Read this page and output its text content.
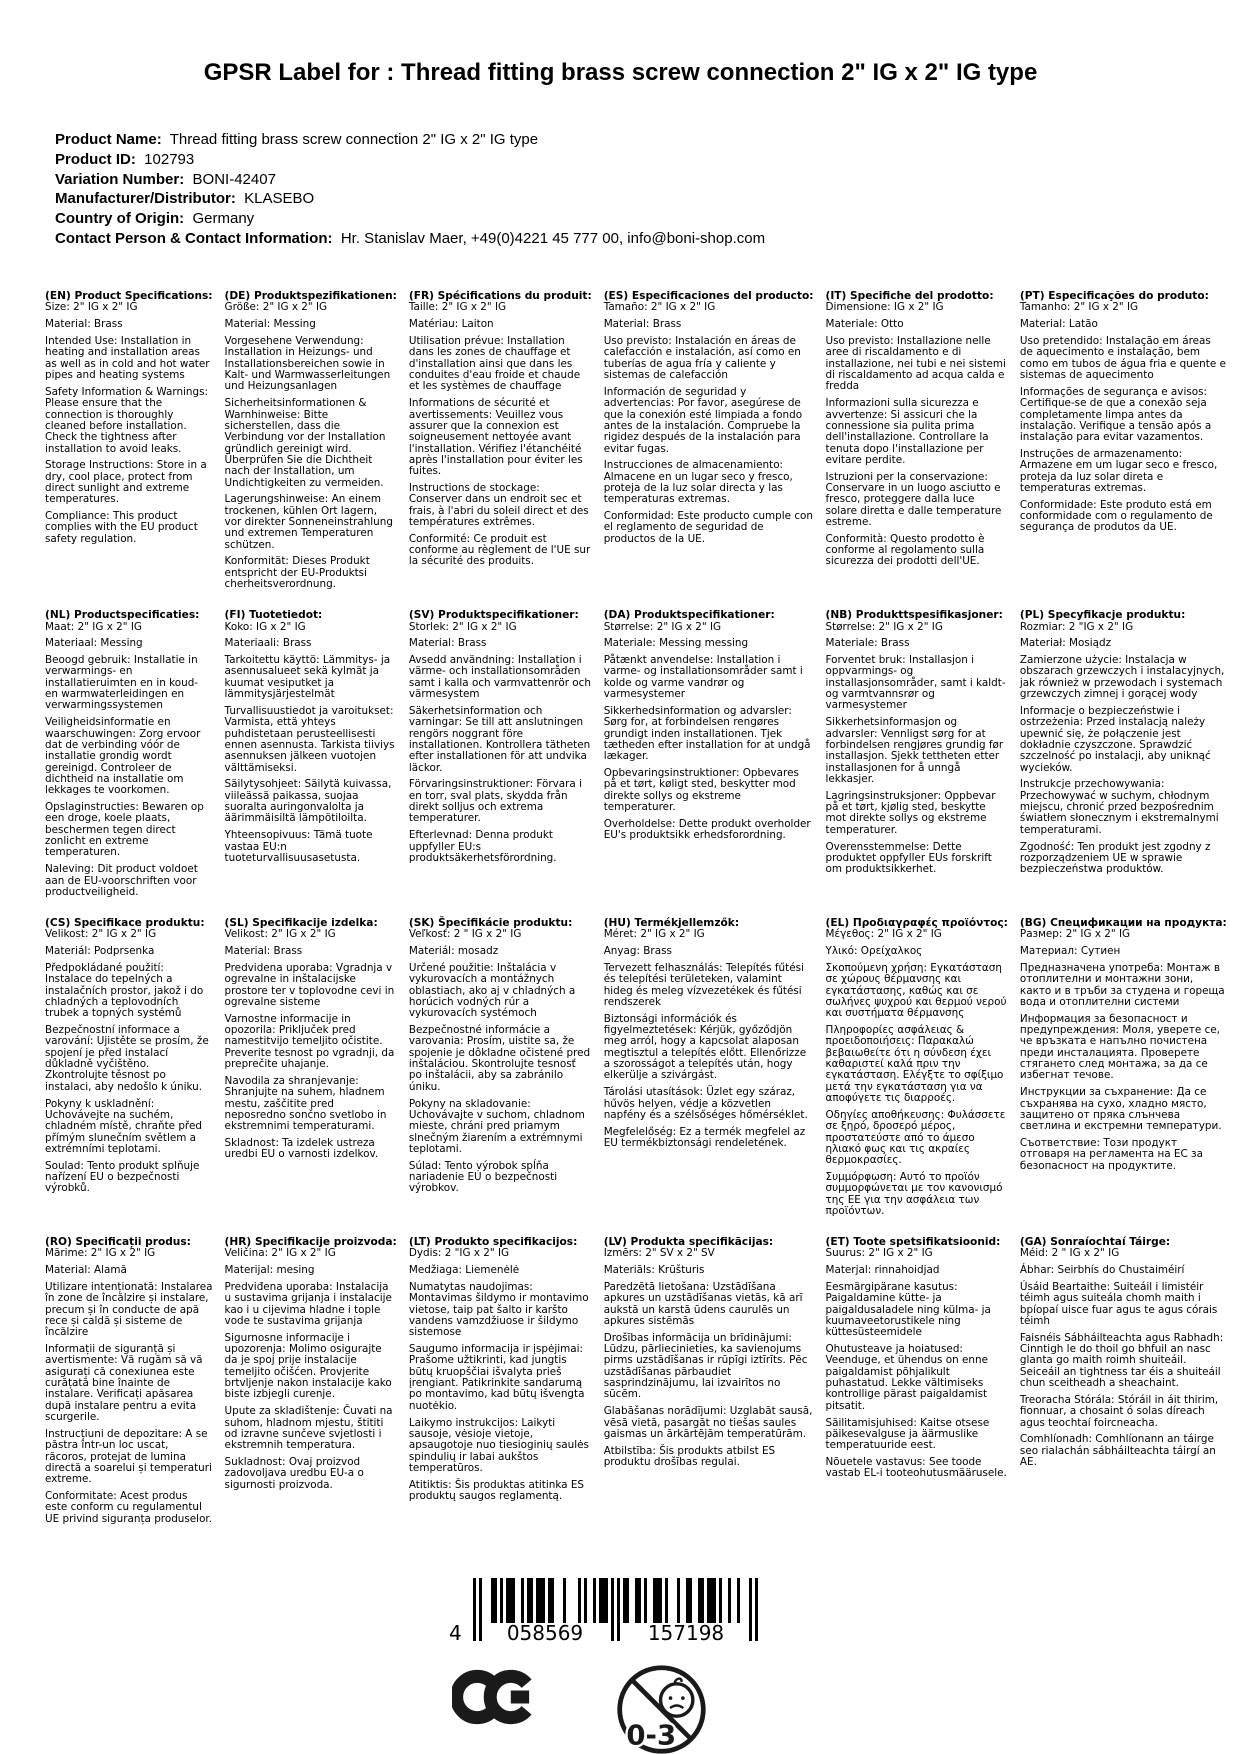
GPSR Label for : Thread fitting brass screw connection 2" IG x 2" IG type
Product Name:  Thread fitting brass screw connection 2" IG x 2" IG type
Product ID:  102793
Variation Number:  BONI-42407
Manufacturer/Distributor:  KLASEBO
Country of Origin:  Germany
Contact Person & Contact Information:  Hr. Stanislav Maer, +49(0)4221 45 777 00, info@boni-shop.com
(EN) Product Specifications:

Size: 2" IG x 2" IG

Material: Brass

Intended Use: Installation in heating and installation areas as well as in cold and hot water pipes and heating systems

Safety Information & Warnings: Please ensure that the connection is thoroughly cleaned before installation. Check the tightness after installation to avoid leaks.

Storage Instructions: Store in a dry, cool place, protect from direct sunlight and extreme temperatures.

Compliance: This product complies with the EU product safety regulation.

(DE) Produktspezifikationen:

Größe: 2" IG x 2" IG

Material: Messing

Vorgesehene Verwendung: Installation in Heizungs- und Installationsbereichen sowie in Kalt- und Warmwasserleitungen und Heizungsanlagen

Sicherheitsinformationen & Warnhinweise: Bitte sicherstellen, dass die Verbindung vor der Installation gründlich gereinigt wird. Überprüfen Sie die Dichtheit nach der Installation, um Undichtigkeiten zu vermeiden.

Lagerungshinweise: An einem trockenen, kühlen Ort lagern, vor direkter Sonneneinstrahlung und extremen Temperaturen schützen.

Konformität: Dieses Produkt entspricht der EU-Produktsi cherheitsverordnung.

(FR) Spécifications du produit:

Taille: 2" IG x 2" IG

Matériau: Laiton

Utilisation prévue: Installation dans les zones de chauffage et d'installation ainsi que dans les conduites d'eau froide et chaude et les systèmes de chauffage

Informations de sécurité et avertissements: Veuillez vous assurer que la connexion est soigneusement nettoyée avant l'installation. Vérifiez l'étanchéité après l'installation pour éviter les fuites.

Instructions de stockage: Conserver dans un endroit sec et frais, à l'abri du soleil direct et des températures extrêmes.

Conformité: Ce produit est conforme au règlement de l'UE sur la sécurité des produits.

(ES) Especificaciones del producto:

Tamaño: 2" IG x 2" IG

Material: Brass

Uso previsto: Instalación en áreas de calefacción e instalación, así como en tuberías de agua fría y caliente y sistemas de calefacción

Información de seguridad y advertencias: Por favor, asegúrese de que la conexión esté limpiada a fondo antes de la instalación. Compruebe la rigidez después de la instalación para evitar fugas.

Instrucciones de almacenamiento: Almacene en un lugar seco y fresco, proteja de la luz solar directa y las temperaturas extremas.

Conformidad: Este producto cumple con el reglamento de seguridad de productos de la UE.

(IT) Specifiche del prodotto:

Dimensione: IG x 2" IG

Materiale: Otto

Uso previsto: Installazione nelle aree di riscaldamento e di installazione, nei tubi e nei sistemi di riscaldamento ad acqua calda e fredda

Informazioni sulla sicurezza e avvertenze: Si assicuri che la connessione sia pulita prima dell'installazione. Controllare la tenuta dopo l'installazione per evitare perdite.

Istruzioni per la conservazione: Conservare in un luogo asciutto e fresco, proteggere dalla luce solare diretta e dalle temperature estreme.

Conformità: Questo prodotto è conforme al regolamento sulla sicurezza dei prodotti dell'UE.

(PT) Especificações do produto:

Tamanho: 2" IG x 2" IG

Material: Latão

Uso pretendido: Instalação em áreas de aquecimento e instalação, bem como em tubos de água fria e quente e sistemas de aquecimento

Informações de segurança e avisos: Certifique-se de que a conexão seja completamente limpa antes da instalação. Verifique a tensão após a instalação para evitar vazamentos.

Instruções de armazenamento: Armazene em um lugar seco e fresco, proteja da luz solar direta e temperaturas extremas.

Conformidade: Este produto está em conformidade com o regulamento de segurança de produtos da UE.

(NL) Productspecificaties:

Maat: 2" IG x 2" IG

Materiaal: Messing

Beoogd gebruik: Installatie in verwarmings- en installatieruimten en in koud- en warmwaterleidingen en verwarmingssystemen

Veiligheidsinformatie en waarschuwingen: Zorg ervoor dat de verbinding vóór de installatie grondig wordt gereinigd. Controleer de dichtheid na installatie om lekkages te voorkomen.

Opslaginstructies: Bewaren op een droge, koele plaats, beschermen tegen direct zonlicht en extreme temperaturen.

Naleving: Dit product voldoet aan de EU-voorschriften voor productveiligheid.

(FI) Tuotetiedot:

Koko: IG x 2" IG

Materiaali: Brass

Tarkoitettu käyttö: Lämmitys- ja asennusalueet sekä kylmät ja kuumat vesiputket ja lämmitysjärjestelmät

Turvallisuustiedot ja varoitukset: Varmista, että yhteys puhdistetaan perusteellisesti ennen asennusta. Tarkista tiiviys asennuksen jälkeen vuotojen välttämiseksi.

Säilytysohjeet: Säilytä kuivassa, viileässä paikassa, suojaa suoralta auringonvalolta ja äärimmäisiltä lämpötiloilta.

Yhteensopivuus: Tämä tuote vastaa EU:n tuoteturvallisuusasetusta.

(SV) Produktspecifikationer:

Storlek: 2" IG x 2" IG

Material: Brass

Avsedd användning: Installation i värme- och installationsområden samt i kalla och varmvattenrör och värmesystem

Säkerhetsinformation och varningar: Se till att anslutningen rengörs noggrant före installationen. Kontrollera tätheten efter installationen för att undvika läckor.

Förvaringsinstruktioner: Förvara i en torr, sval plats, skydda från direkt solljus och extrema temperaturer.

Efterlevnad: Denna produkt uppfyller EU:s produktsäkerhetsförordning.

(DA) Produktspecifikationer:

Størrelse: 2" IG x 2" IG

Materiale: Messing messing

Påtænkt anvendelse: Installation i varme- og installationsområder samt i kolde og varme vandrør og varmesystemer

Sikkerhedsinformation og advarsler: Sørg for, at forbindelsen rengøres grundigt inden installationen. Tjek tætheden efter installation for at undgå lækager.

Opbevaringsinstruktioner: Opbevares på et tørt, køligt sted, beskytter mod direkte sollys og ekstreme temperaturer.

Overholdelse: Dette produkt overholder EU's produktsikk erhedsforordning.

(NB) Produkttspesifikasjoner:

Størrelse: 2" IG x 2" IG

Materiale: Brass

Forventet bruk: Installasjon i oppvarmings- og installasjonsområder, samt i kaldt- og varmtvannsrør og varmesystemer

Sikkerhetsinformasjon og advarsler: Vennligst sørg for at forbindelsen rengjøres grundig før installasjon. Sjekk tettheten etter installasjonen for å unngå lekkasjer.

Lagringsinstruksjoner: Oppbevar på et tørt, kjølig sted, beskytte mot direkte sollys og ekstreme temperaturer.

Overensstemmelse: Dette produktet oppfyller EUs forskrift om produktsikkerhet.

(PL) Specyfikacje produktu:

Rozmiar: 2 "IG x 2" IG

Materiał: Mosiądz

Zamierzone użycie: Instalacja w obszarach grzewczych i instalacyjnych, jak również w przewodach i systemach grzewczych zimnej i gorącej wody

Informacje o bezpieczeństwie i ostrzeżenia: Przed instalacją należy upewnić się, że połączenie jest dokładnie czyszczone. Sprawdzić szczelność po instalacji, aby uniknąć wycieków.

Instrukcje przechowywania: Przechowywać w suchym, chłodnym miejscu, chronić przed bezpośrednim światłem słonecznym i ekstremalnymi temperaturami.

Zgodność: Ten produkt jest zgodny z rozporządzeniem UE w sprawie bezpieczeństwa produktów.

(CS) Specifikace produktu:

Velikost: 2" IG x 2" IG

Materiál: Podprsenka

Předpokládané použití: Instalace do tepelných a instalačních prostor, jakož i do chladných a teplovodních trubek a topných systémů

Bezpečnostní informace a varování: Ujistěte se prosím, že spojení je před instalací důkladně vyčištěno. Zkontrolujte těsnost po instalaci, aby nedošlo k úniku.

Pokyny k uskladnění: Uchovávejte na suchém, chladném místě, chraňte před přímým slunečním světlem a extrémními teplotami.

Soulad: Tento produkt splňuje nařízení EU o bezpečnosti výrobků.

(SL) Specifikacije izdelka:

Velikost: 2" IG x 2" IG

Material: Brass

Predvidena uporaba: Vgradnja v ogrevalne in inštalacijske prostore ter v toplovodne cevi in ogrevalne sisteme

Varnostne informacije in opozorila: Priključek pred namestitvijo temeljito očistite. Preverite tesnost po vgradnji, da preprečite uhajanje.

Navodila za shranjevanje: Shranjujte na suhem, hladnem mestu, zaščitite pred neposredno sončno svetlobo in ekstremnimi temperaturami.

Skladnost: Ta izdelek ustreza uredbi EU o varnosti izdelkov.

(SK) Špecifikácie produktu:

Veľkosť: 2 " IG x 2" IG

Materiál: mosadz

Určené použitie: Inštalácia v vykurovacích a montážnych oblastiach, ako aj v chladných a horúcich vodných rúr a vykurovacích systémoch

Bezpečnostné informácie a varovania: Prosím, uistite sa, že spojenie je dôkladne očistené pred inštaláciou. Skontrolujte tesnosť po inštalácii, aby sa zabránilo úniku.

Pokyny na skladovanie: Uchovávajte v suchom, chladnom mieste, chráni pred priamym slnečným žiarením a extrémnymi teplotami.

Súlad: Tento výrobok spĺňa nariadenie EÚ o bezpečnosti výrobkov.

(HU) Termékjellemzők:

Méret: 2" IG x 2" IG

Anyag: Brass

Tervezett felhasználás: Telepítés fűtési és telepítési területeken, valamint hideg és meleg vízvezetékek és fűtési rendszerek

Biztonsági információk és figyelmeztetések: Kérjük, győződjön meg arról, hogy a kapcsolat alaposan megtisztul a telepítés előtt. Ellenőrizze a szorosságot a telepítés után, hogy elkerülje a szivárgást.

Tárolási utasítások: Üzlet egy száraz, hűvös helyen, védje a közvetlen napfény és a szélsőséges hőmérséklet.

Megfelelőség: Ez a termék megfelel az EU termékbiztonsági rendeletének.

(EL) Προδιαγραφές προϊόντος:

Μέγεθος: 2" IG x 2" IG

Υλικό: Ορείχαλκος

Σκοπούμενη χρήση: Εγκατάσταση σε χώρους θέρμανσης και εγκατάστασης, καθώς και σε σωλήνες ψυχρού και θερμού νερού και συστήματα θέρμανσης

Πληροφορίες ασφάλειας & προειδοποιήσεις: Παρακαλώ βεβαιωθείτε ότι η σύνδεση έχει καθαριστεί καλά πριν την εγκατάσταση. Ελέγξτε το σφίξιμο μετά την εγκατάσταση για να αποφύγετε τις διαρροές.

Οδηγίες αποθήκευσης: Φυλάσσετε σε ξηρό, δροσερό μέρος, προστατεύστε από το άμεσο ηλιακό φως και τις ακραίες θερμοκρασίες.

Συμμόρφωση: Αυτό το προϊόν συμμορφώνεται με τον κανονισμό της ΕΕ για την ασφάλεια των προϊόντων.

(BG) Спецификации на продукта:

Размер: 2" IG x 2" IG

Материал: Сутиен

Предназначена употреба: Монтаж в отоплителни и монтажни зони, както и в тръби за студена и гореща вода и отоплителни системи

Информация за безопасност и предупреждения: Моля, уверете се, че връзката е напълно почистена преди инсталацията. Проверете стягането след монтажа, за да се избегнат течове.

Инструкции за съхранение: Да се съхранява на сухо, хладно място, защитено от пряка слънчева светлина и екстремни температури.

Съответствие: Този продукт отговаря на регламента на ЕС за безопасност на продуктите.

(RO) Specificații produs:

Mărime: 2" IG x 2" IG

Material: Alamă

Utilizare intenționată: Instalarea în zone de încălzire și instalare, precum și în conducte de apă rece și caldă și sisteme de încălzire

Informații de siguranță și avertismente: Vă rugăm să vă asigurați că conexiunea este curățată bine înainte de instalare. Verificați apăsarea după instalare pentru a evita scurgerile.

Instrucțiuni de depozitare: A se păstra într-un loc uscat, răcoros, protejat de lumina directă a soarelui și temperaturi extreme.

Conformitate: Acest produs este conform cu regulamentul UE privind siguranța produselor.

(HR) Specifikacije proizvoda:

Veličina: 2" IG x 2" IG

Materijal: mesing

Predviđena uporaba: Instalacija u sustavima grijanja i instalacije kao i u cijevima hladne i tople vode te sustavima grijanja

Sigurnosne informacije i upozorenja: Molimo osigurajte da je spoj prije instalacije temeljito očišćen. Provjerite brtvljenje nakon instalacije kako biste izbjegli curenje.

Upute za skladištenje: Čuvati na suhom, hladnom mjestu, štititi od izravne sunčeve svjetlosti i ekstremnih temperatura.

Sukladnost: Ovaj proizvod zadovoljava uredbu EU-a o sigurnosti proizvoda.

(LT) Produkto specifikacijos:

Dydis: 2 "IG x 2" IG

Medžiaga: Liemenėlė

Numatytas naudojimas: Montavimas šildymo ir montavimo vietose, taip pat šalto ir karšto vandens vamzdžiuose ir šildymo sistemose

Saugumo informacija ir įspėjimai: Prašome užtikrinti, kad jungtis būtų kruopščiai išvalyta prieš įrengiant. Patikrinkite sandarumą po montavimo, kad būtų išvengta nuotėkio.

Laikymo instrukcijos: Laikyti sausoje, vėsioje vietoje, apsaugotoje nuo tiesioginių saulės spindulių ir labai aukštos temperatūros.

Atitiktis: Šis produktas atitinka ES produktų saugos reglamentą.

(LV) Produkta specifikācijas:

Izmērs: 2" SV x 2" SV

Materiāls: Krūšturis

Paredzētā lietošana: Uzstādīšana apkures un uzstādīšanas vietās, kā arī aukstā un karstā ūdens caurulēs un apkures sistēmās

Drošības informācija un brīdinājumi: Lūdzu, pārliecinieties, ka savienojums pirms uzstādīšanas ir rūpīgi iztīrīts. Pēc uzstādīšanas pārbaudiet sasprindzinājumu, lai izvairītos no sūcēm.

Glabāšanas norādījumi: Uzglabāt sausā, vēsā vietā, pasargāt no tiešas saules gaismas un ārkārtējām temperatūrām.

Atbilstība: Šis produkts atbilst ES produktu drošības regulai.

(ET) Toote spetsifikatsioonid:

Suurus: 2" IG x 2" IG

Materjal: rinnahoidjad

Eesmärgipärane kasutus: Paigaldamine kütte- ja paigaldusaladele ning külma- ja kuumaveetorustikele ning küttesüsteemidele

Ohutusteave ja hoiatused: Veenduge, et ühendus on enne paigaldamist põhjalikult puhastatud. Lekke vältimiseks kontrollige pärast paigaldamist pitsatit.

Säilitamisjuhised: Kaitse otsese päikesevalguse ja äärmuslike temperatuuride eest.

Nõuetele vastavus: See toode vastab EL-i tooteohutusmäärusele.

(GA) Sonraíochtaí Táirge:

Méid: 2 " IG x 2" IG

Ábhar: Seirbhís do Chustaiméirí

Úsáid Beartaithe: Suiteáil i limistéir téimh agus suiteála chomh maith i bpíopaí uisce fuar agus te agus córais téimh

Faisnéis Sábháilteachta agus Rabhadh: Cinntigh le do thoil go bhfuil an nasc glanta go maith roimh shuiteáil. Seiceáil an tightness tar éis a shuiteáil chun sceitheadh a sheachaint.

Treoracha Stórála: Stóráil in áit thirim, fionnuar, a chosaint ó solas díreach agus teochtaí foircneacha.

Comhlíonadh: Comhlíonann an táirge seo rialachán sábháilteachta táirgí an AE.

4 058569	157198
0-3
